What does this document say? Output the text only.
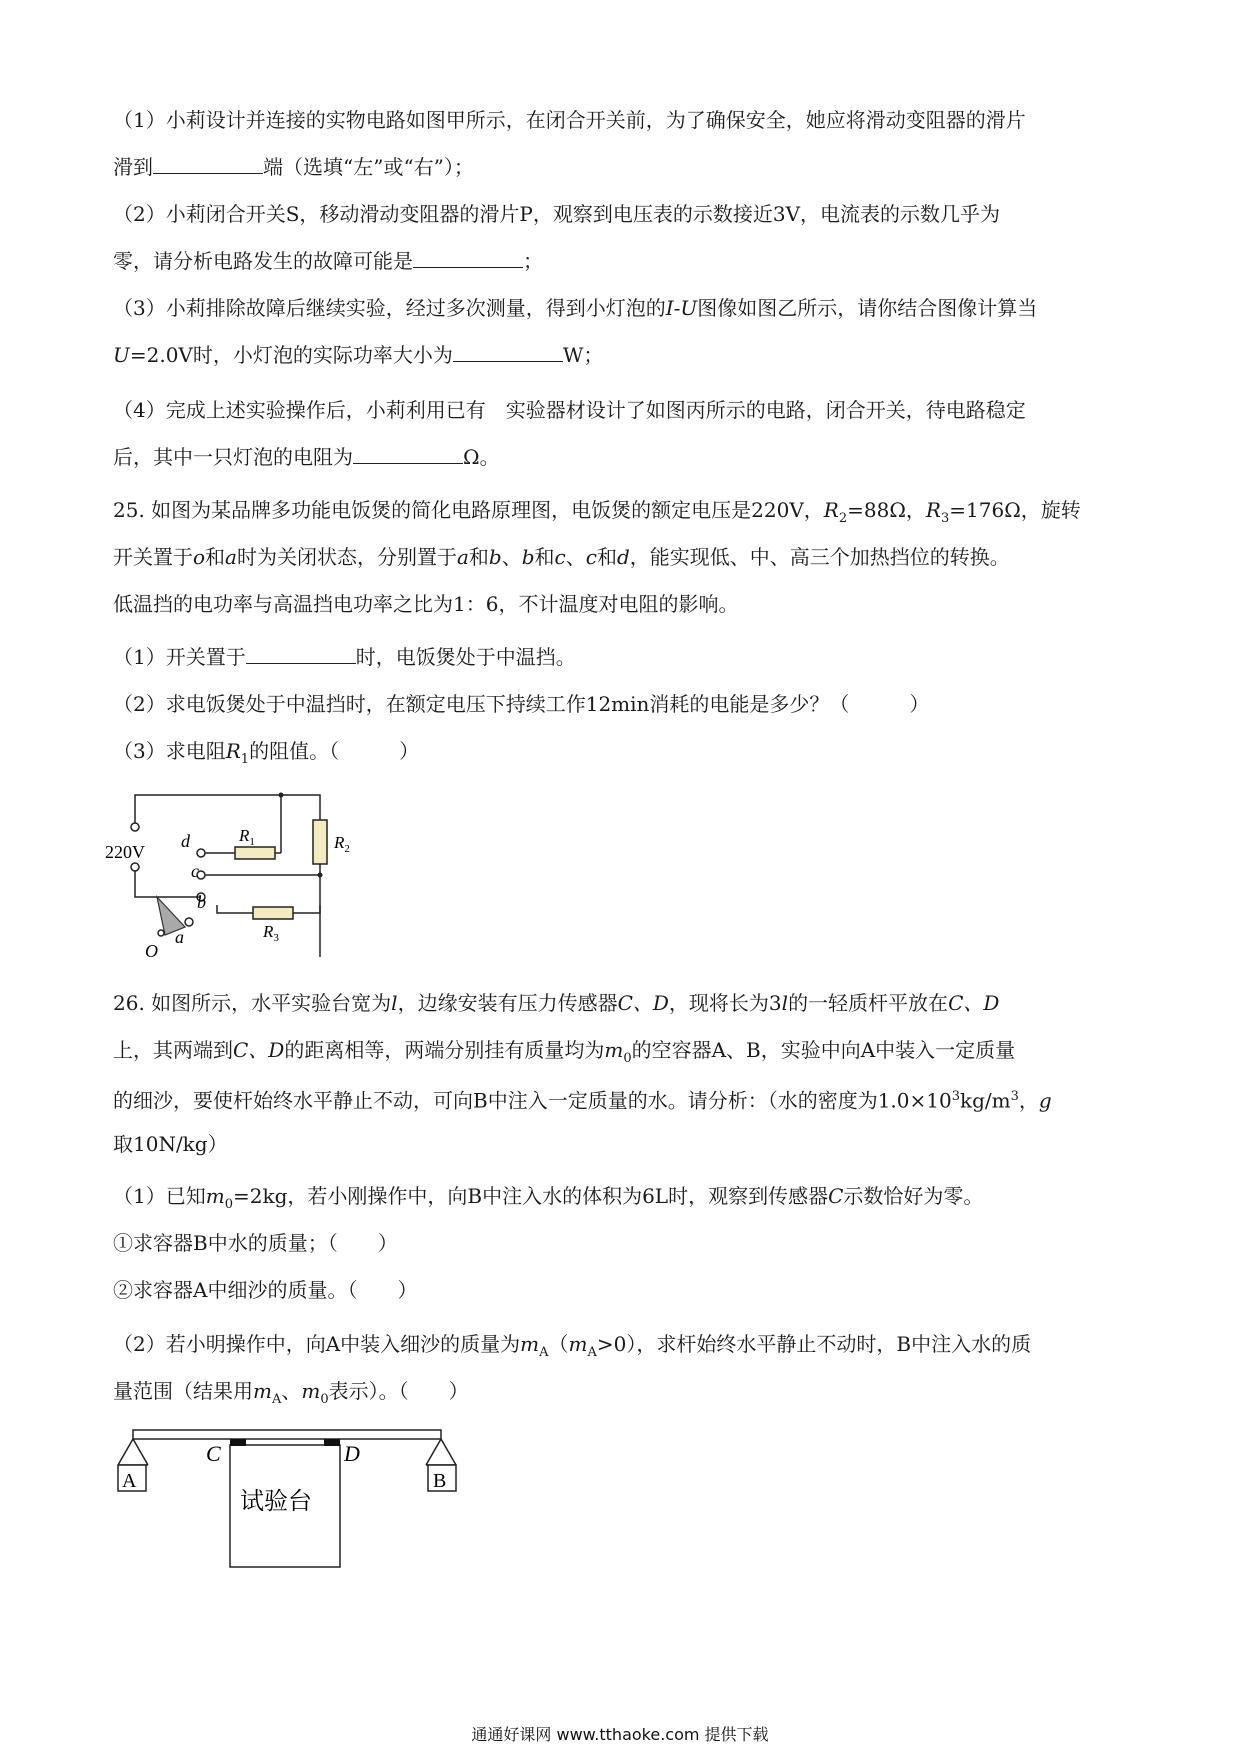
（1）小莉设计并连接的实物电路如图甲所示，在闭合开关前，为了确保安全，她应将滑动变阻器的滑片
滑到	端（选填“左”或“右”）；
（2）小莉闭合开关S，移动滑动变阻器的滑片P，观察到电压表的示数接近3V，电流表的示数几乎为
零，请分析电路发生的故障可能是	；
（3）小莉排除故障后继续实验，经过多次测量，得到小灯泡的I-U图像如图乙所示，请你结合图像计算当
U=2.0V时，小灯泡的实际功率大小为	W；
（4）完成上述实验操作后，小莉利用已有　实验器材设计了如图丙所示的电路，闭合开关，待电路稳定
后，其中一只灯泡的电阻为	Ω。
25. 如图为某品牌多功能电饭煲的简化电路原理图，电饭煲的额定电压是220V，$R_2=88\Omega$，$R_3=176\Omega$，旋转
开关置于o和a时为关闭状态，分别置于a和b、b和c、c和d，能实现低、中、高三个加热挡位的转换。
低温挡的电功率与高温挡电功率之比为1：6，不计温度对电阻的影响。
（1）开关置于	时，电饭煲处于中温挡。
（2）求电饭煲处于中温挡时，在额定电压下持续工作12min消耗的电能是多少？（　　　）
（3）求电阻$R_1$的阻值。（　　　）
220V
d
c
b
a
O
$R_1$	$R_2$
$R_3$
26. 如图所示，水平实验台宽为l，边缘安装有压力传感器C、D，现将长为3l的一轻质杆平放在C、D
上，其两端到C、D的距离相等，两端分别挂有质量均为$m_0$的空容器A、B，实验中向A中装入一定质量
的细沙，要使杆始终水平静止不动，可向B中注入一定质量的水。请分析：（水的密度为$1.0\times 10^3kg/m^3$，g
取10N/kg）
（1）已知$m_0=2kg$，若小刚操作中，向B中注入水的体积为6L时，观察到传感器C示数恰好为零。
①求容器B中水的质量；（　　）
②求容器A中细沙的质量。（　　）
（2）若小明操作中，向A中装入细沙的质量为$m_A(m_A>0)$，求杆始终水平静止不动时，B中注入水的质
量范围（结果用$m_A$、$m_0$表示）。（　　）
C	D
A	B
试验台
通通好课网 www.tthaoke.com 提供下载
